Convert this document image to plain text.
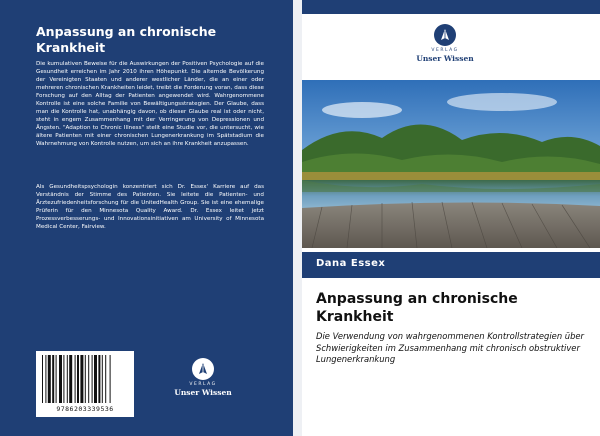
Anpassung an chronische Krankheit

Die kumulativen Beweise für die Auswirkungen der Positiven Psychologie auf die Gesundheit erreichen im Jahr 2010 ihren Höhepunkt. Die alternde Bevölkerung der Vereinigten Staaten und anderer westlicher Länder, die an einer oder mehreren chronischen Krankheiten leidet, treibt die Forderung voran, dass diese Forschung auf den Alltag der Patienten angewendet wird. Wahrgenommene Kontrolle ist eine solche Familie von Bewältigungsstrategien. Der Glaube, dass man die Kontrolle hat, unabhängig davon, ob dieser Glaube real ist oder nicht, steht in engem Zusammenhang mit der Verringerung von Depressionen und Ängsten. "Adaption to Chronic Illness" stellt eine Studie vor, die untersucht, wie ältere Patienten mit einer chronischen Lungenerkrankung im Spätstadium die Wahrnehmung von Kontrolle nutzen, um sich an ihre Krankheit anzupassen.

Als Gesundheitspsychologin konzentriert sich Dr. Essex' Karriere auf das Verständnis der Stimme des Patienten. Sie leitete die Patienten- und Ärztezufriedenheitsforschung für die UnitedHealth Group. Sie ist eine ehemalige Prüferin für den Minnesota Quality Award. Dr. Essex leitet jetzt Prozessverbesserungs- und Innovationsinitiativen am University of Minnesota Medical Center, Fairview.

9786203339536
VERLAG
Unser Wissen
VERLAG
Unser Wissen
Dana Essex
Anpassung an chronische Krankheit
Die Verwendung von wahrgenommenen Kontrollstrategien über Schwierigkeiten im Zusammenhang mit chronisch obstruktiver Lungenerkrankung
